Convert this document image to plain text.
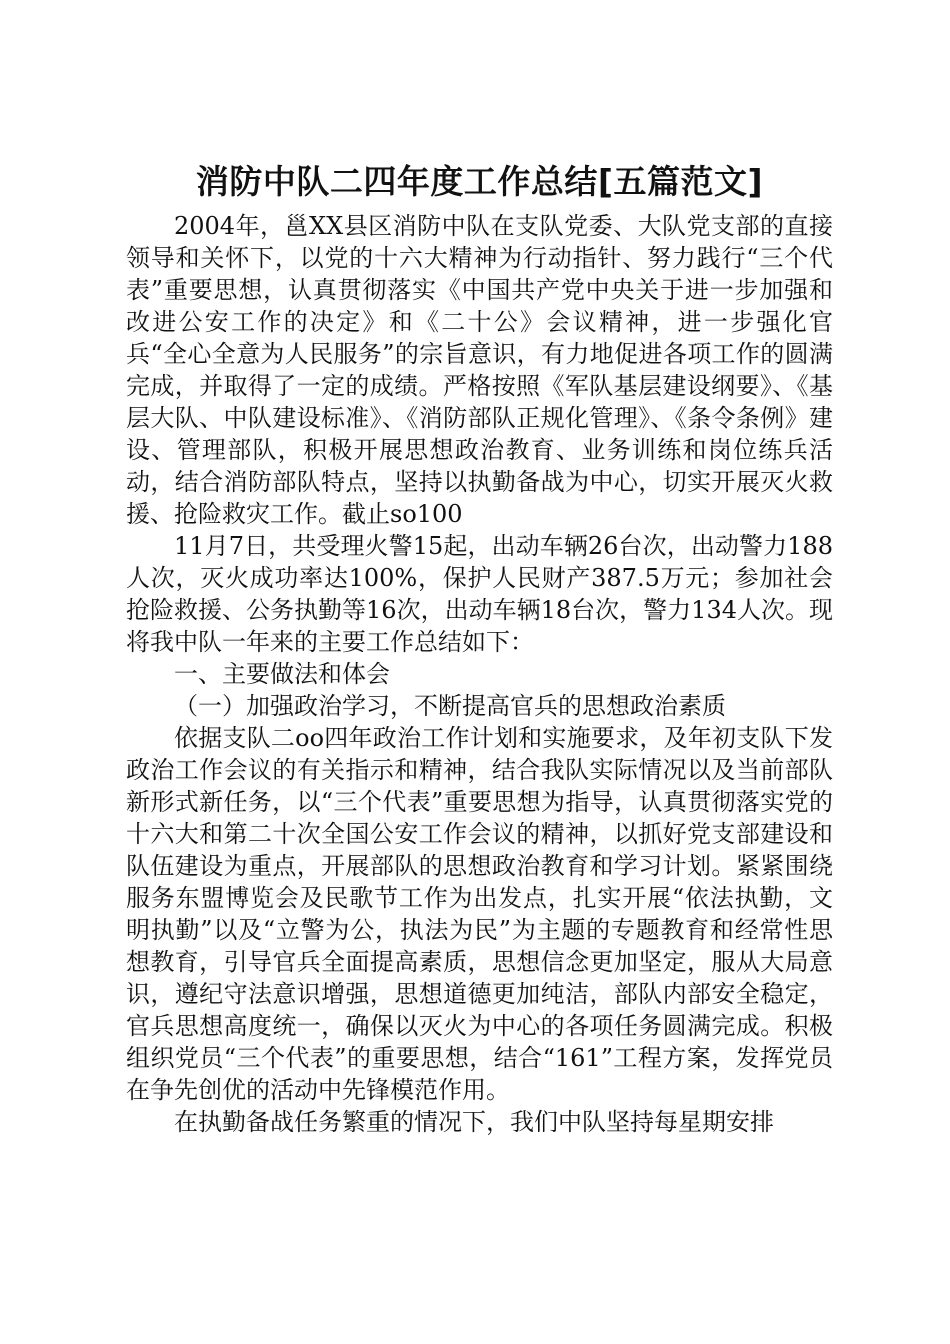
消防中队二四年度工作总结[五篇范文]

2004年，邕XX县区消防中队在支队党委、大队党支部的直接领导和关怀下，以党的十六大精神为行动指针、努力践行“三个代表”重要思想，认真贯彻落实《中国共产党中央关于进一步加强和改进公安工作的决定》和《二十公》会议精神，进一步强化官兵“全心全意为人民服务”的宗旨意识，有力地促进各项工作的圆满完成，并取得了一定的成绩。严格按照《军队基层建设纲要》、《基层大队、中队建设标准》、《消防部队正规化管理》、《条令条例》建设、管理部队，积极开展思想政治教育、业务训练和岗位练兵活动，结合消防部队特点，坚持以执勤备战为中心，切实开展灭火救援、抢险救灾工作。截止so100

11月7日，共受理火警15起，出动车辆26台次，出动警力188人次，灭火成功率达100%，保护人民财产387.5万元；参加社会抢险救援、公务执勤等16次，出动车辆18台次，警力134人次。现将我中队一年来的主要工作总结如下：

一、主要做法和体会

（一）加强政治学习，不断提高官兵的思想政治素质

依据支队二oo四年政治工作计划和实施要求，及年初支队下发政治工作会议的有关指示和精神，结合我队实际情况以及当前部队新形式新任务，以“三个代表”重要思想为指导，认真贯彻落实党的十六大和第二十次全国公安工作会议的精神，以抓好党支部建设和队伍建设为重点，开展部队的思想政治教育和学习计划。紧紧围绕服务东盟博览会及民歌节工作为出发点，扎实开展“依法执勤，文明执勤”以及“立警为公，执法为民”为主题的专题教育和经常性思想教育，引导官兵全面提高素质，思想信念更加坚定，服从大局意识，遵纪守法意识增强，思想道德更加纯洁，部队内部安全稳定，官兵思想高度统一，确保以灭火为中心的各项任务圆满完成。积极组织党员“三个代表”的重要思想，结合“161”工程方案，发挥党员在争先创优的活动中先锋模范作用。

在执勤备战任务繁重的情况下，我们中队坚持每星期安排
